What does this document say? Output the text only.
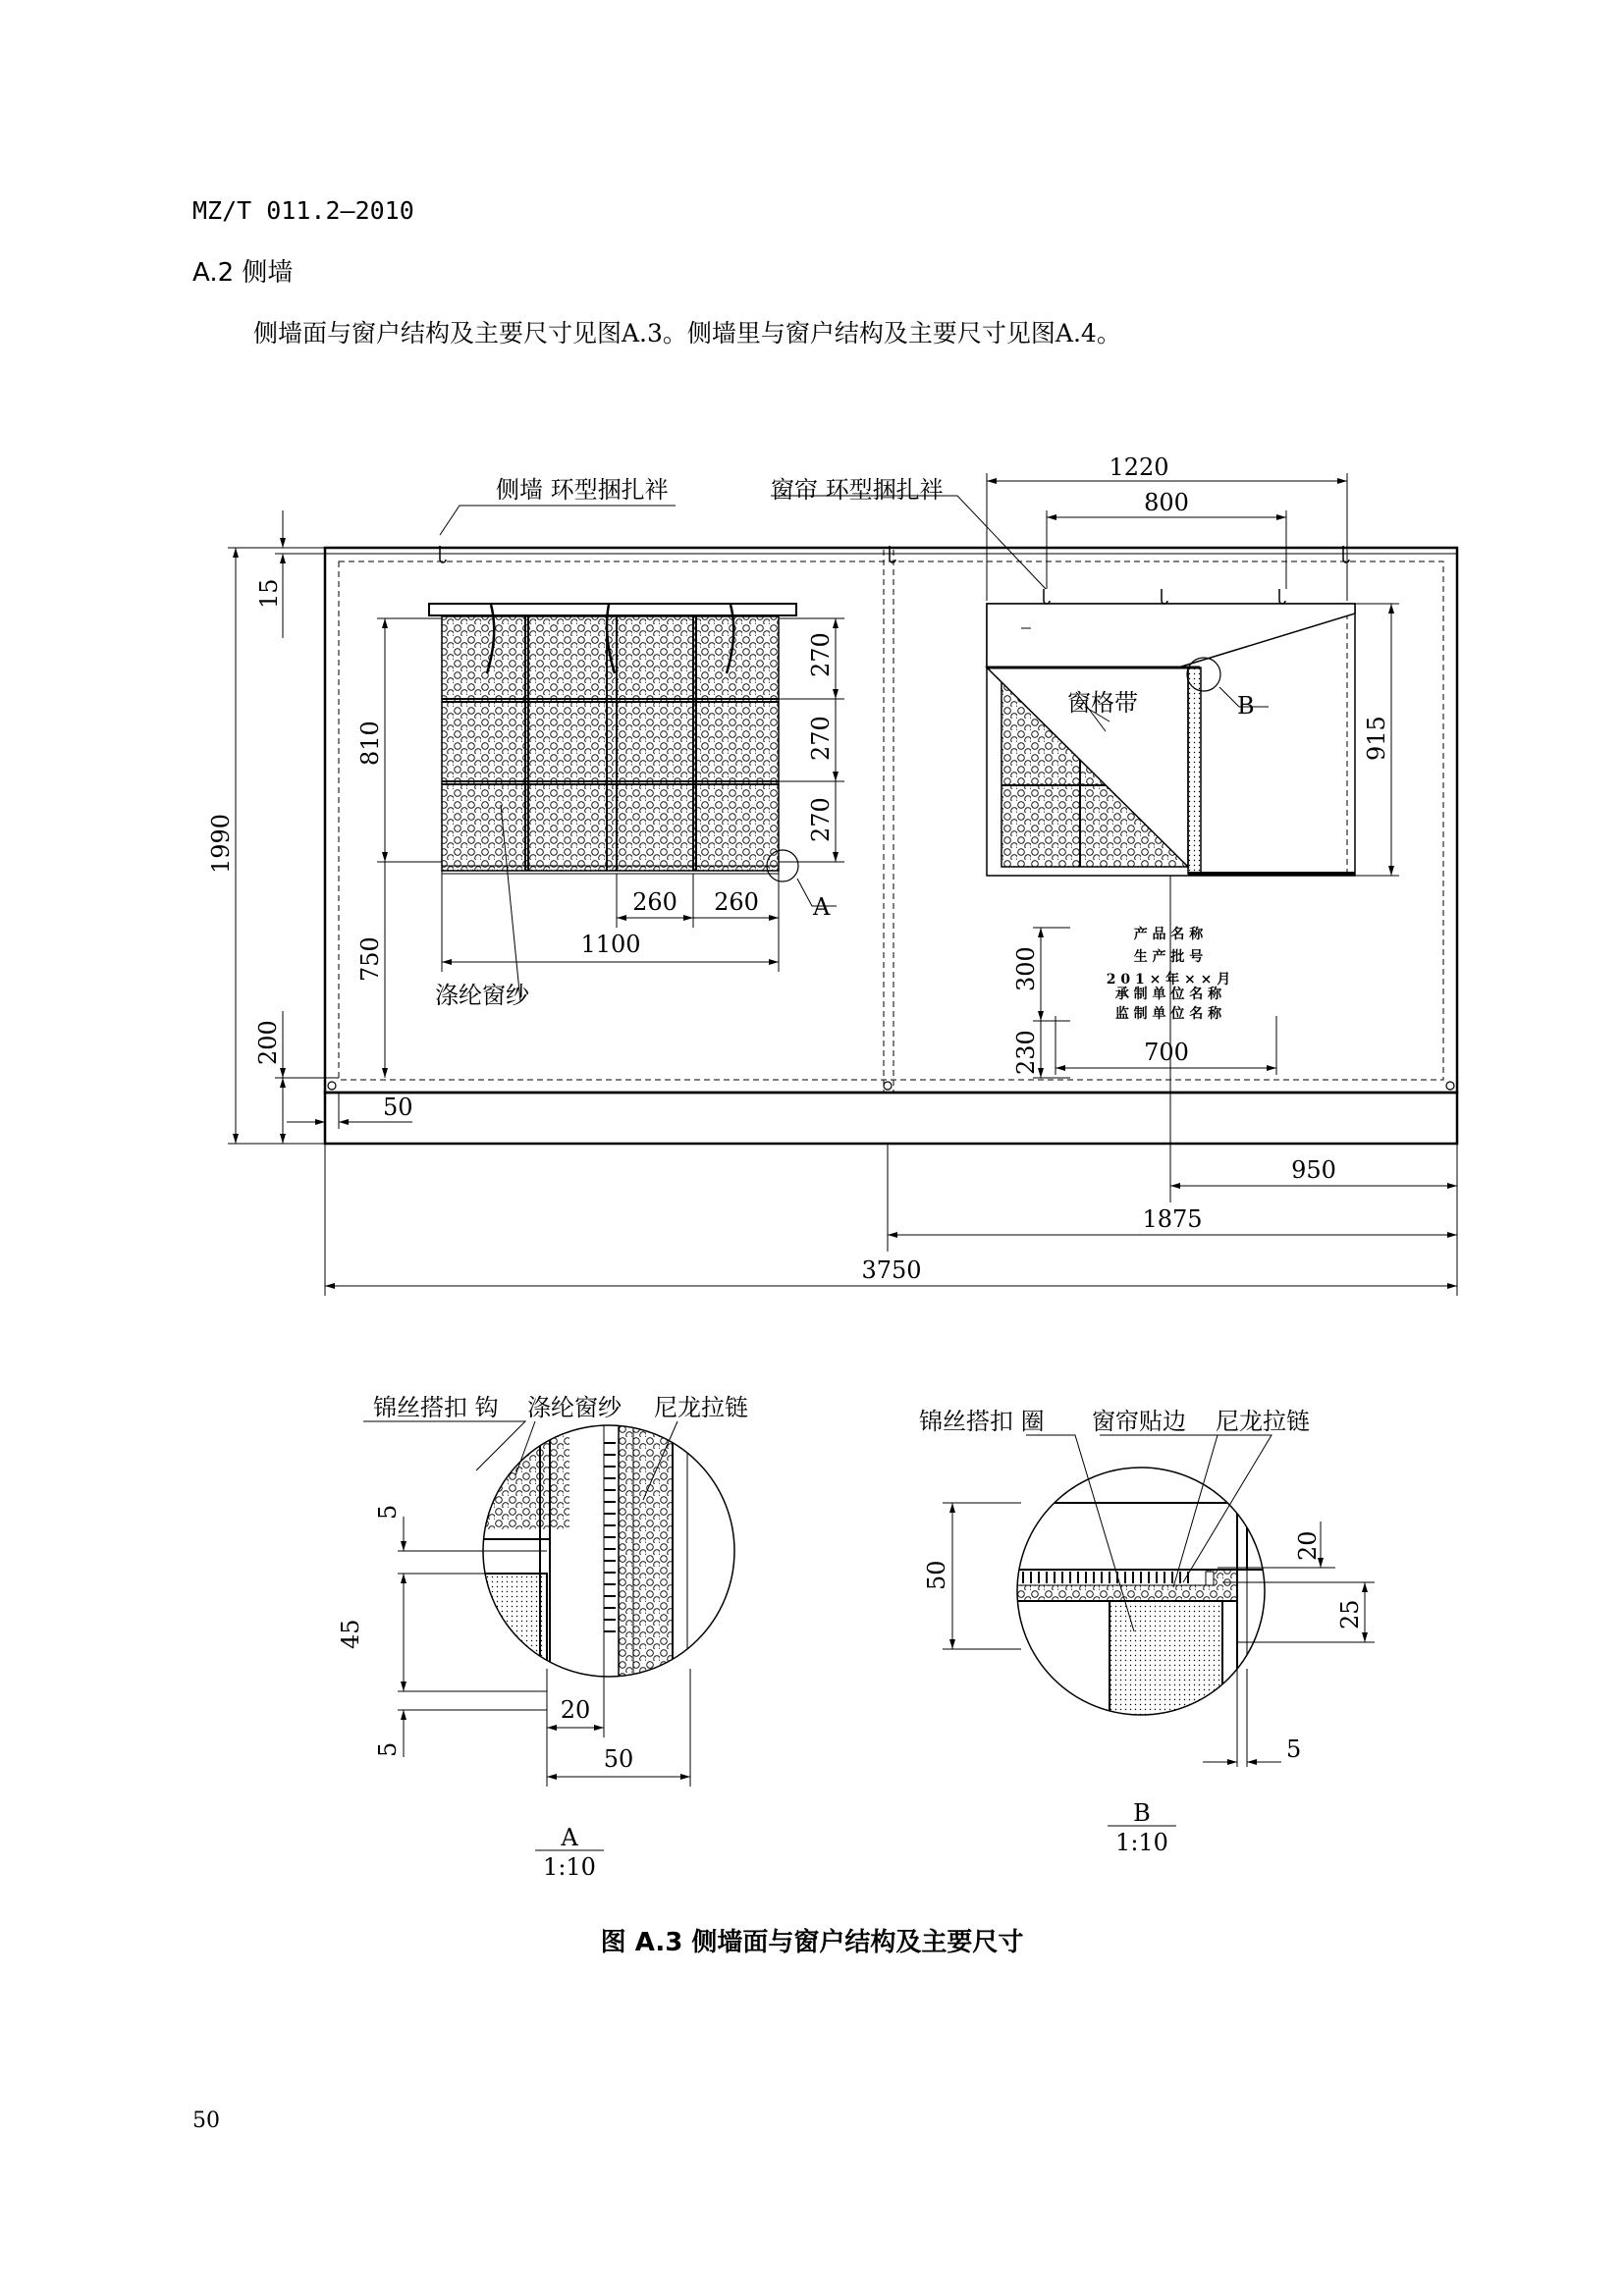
MZ/T 011.2—2010
A.2 侧墙
侧墙面与窗户结构及主要尺寸见图A.3。侧墙里与窗户结构及主要尺寸见图A.4。
侧墙 环型捆扎袢	窗帘 环型捆扎袢
窗格带
涤纶窗纱
A
B
1220
800
15
810
270
270
270
1990
915
260 260
1100
750	300
230	700
200
50
950
1875
3750
产 品 名 称
生 产 批 号
2 0 1 × 年 × × 月
承 制 单 位 名 称
监 制 单 位 名 称
锦丝搭扣 钩 涤纶窗纱 尼龙拉链
5
45
5
20
50
A
1:10
锦丝搭扣 圈 窗帘贴边 尼龙拉链
50
20
25
5
B
1:10
图 A.3 侧墙面与窗户结构及主要尺寸
50
